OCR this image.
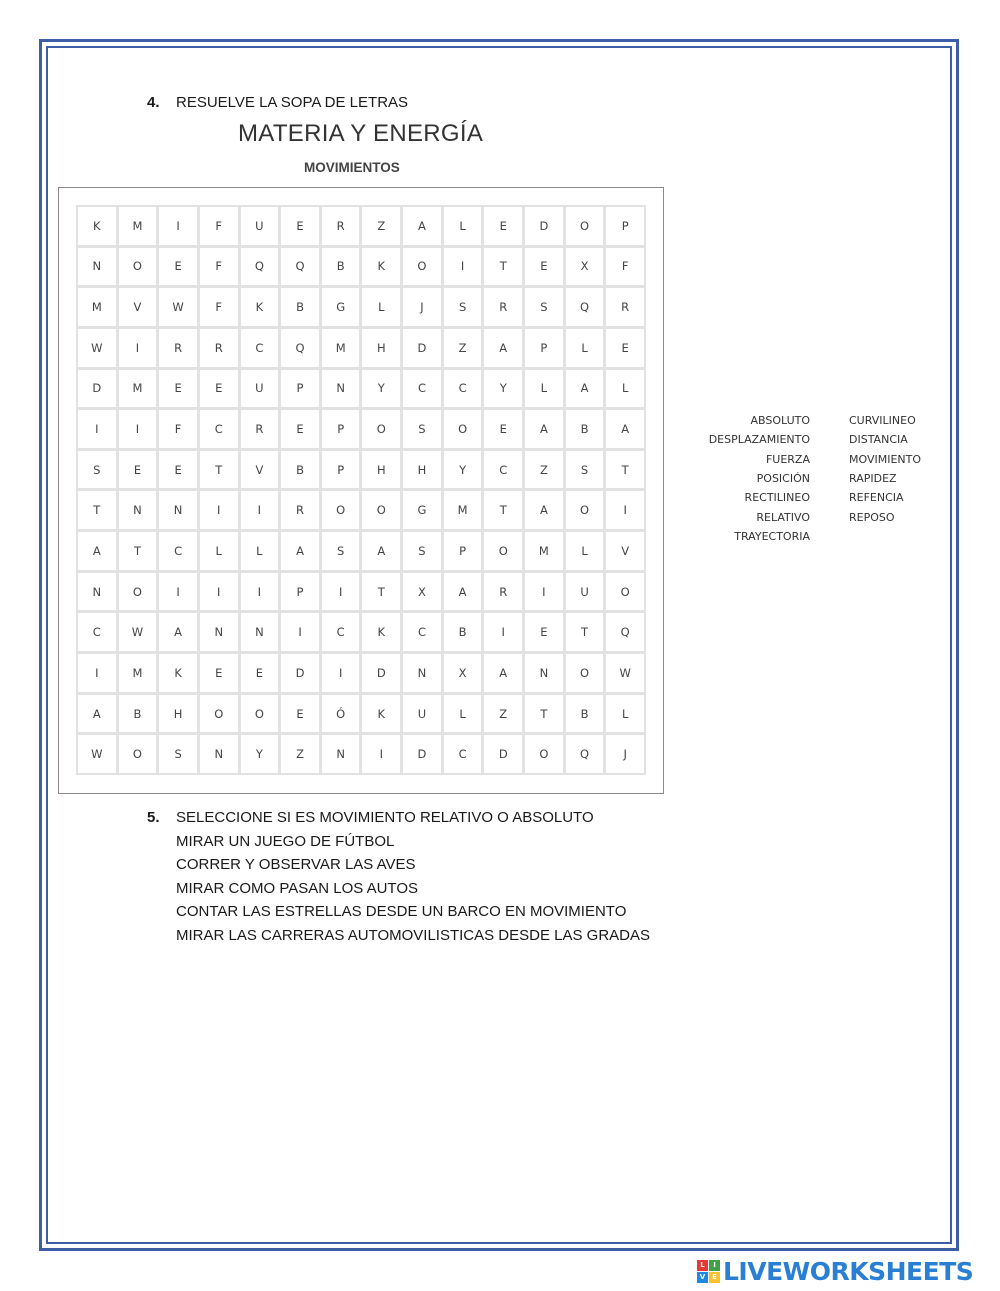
4. RESUELVE LA SOPA DE LETRAS
MATERIA Y ENERGÍA
MOVIMIENTOS
K	M	I	F	U	E	R	Z	A	L	E	D	O	P
N	O	E	F	Q	Q	B	K	O	I	T	E	X	F
M	V	W	F	K	B	G	L	J	S	R	S	Q	R
W	I	R	R	C	Q	M	H	D	Z	A	P	L	E
D	M	E	E	U	P	N	Y	C	C	Y	L	A	L
I	I	F	C	R	E	P	O	S	O	E	A	B	A
S	E	E	T	V	B	P	H	H	Y	C	Z	S	T
T	N	N	I	I	R	O	O	G	M	T	A	O	I
A	T	C	L	L	A	S	A	S	P	O	M	L	V
N	O	I	I	I	P	I	T	X	A	R	I	U	O
C	W	A	N	N	I	C	K	C	B	I	E	T	Q
I	M	K	E	E	D	I	D	N	X	A	N	O	W
A	B	H	O	O	E	Ó	K	U	L	Z	T	B	L
W	O	S	N	Y	Z	N	I	D	C	D	O	Q	J
ABSOLUTO
DESPLAZAMIENTO
FUERZA
POSICIÓN
RECTILINEO
RELATIVO
TRAYECTORIA
CURVILINEO
DISTANCIA
MOVIMIENTO
RAPIDEZ
REFENCIA
REPOSO
5. SELECCIONE SI ES MOVIMIENTO RELATIVO O ABSOLUTO
MIRAR UN JUEGO DE FÚTBOL
CORRER Y OBSERVAR LAS AVES
MIRAR COMO PASAN LOS AUTOS
CONTAR LAS ESTRELLAS DESDE UN BARCO EN MOVIMIENTO
MIRAR LAS CARRERAS AUTOMOVILISTICAS DESDE LAS GRADAS
L	I
V E LIVEWORKSHEETS
